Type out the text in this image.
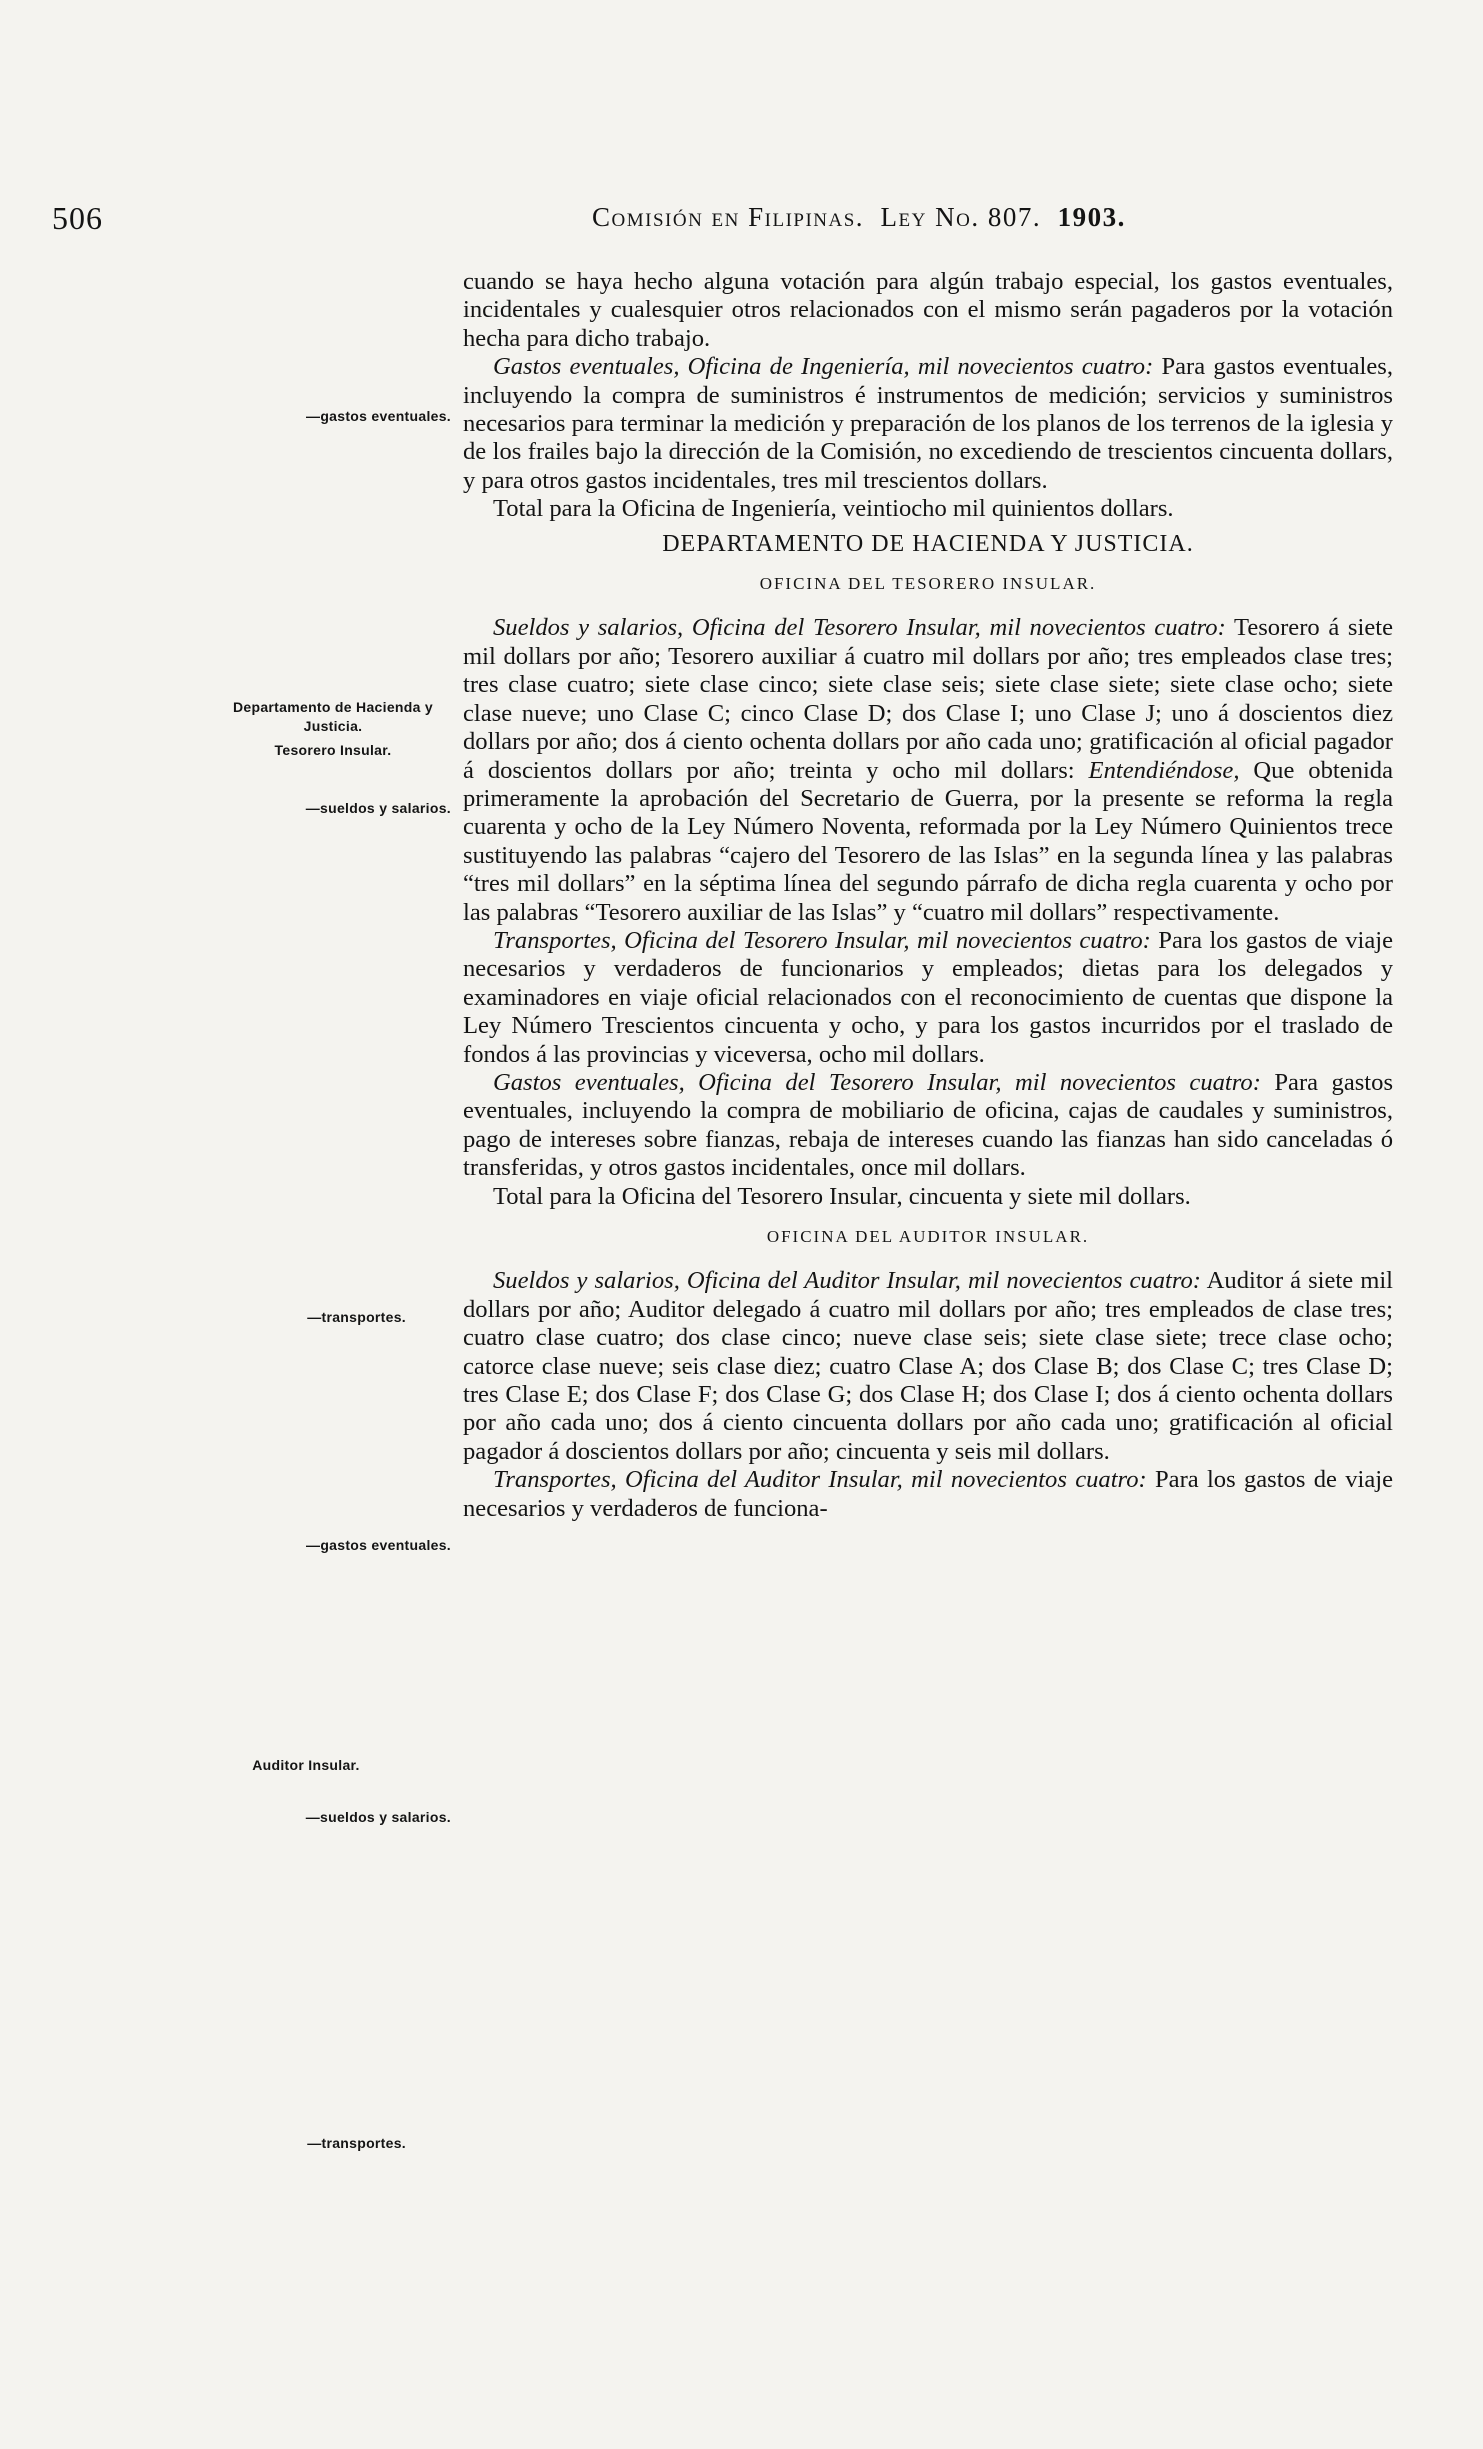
506	Comisión en Filipinas. Ley No. 807. 1903.
—gastos eventuales.
Departamento de Hacienda y Justicia.
Tesorero Insular.
—sueldos y salarios.
—transportes.
—gastos eventuales.
Auditor Insular.
—sueldos y salarios.
—transportes.

cuando se haya hecho alguna votación para algún trabajo especial, los gastos eventuales, incidentales y cualesquier otros relacionados con el mismo serán pagaderos por la votación hecha para dicho trabajo.

Gastos eventuales, Oficina de Ingeniería, mil novecientos cuatro: Para gastos eventuales, incluyendo la compra de suministros é instrumentos de medición; servicios y suministros necesarios para terminar la medición y preparación de los planos de los terrenos de la iglesia y de los frailes bajo la dirección de la Comisión, no excediendo de trescientos cincuenta dollars, y para otros gastos incidentales, tres mil trescientos dollars.

Total para la Oficina de Ingeniería, veintiocho mil quinientos dollars.

DEPARTAMENTO DE HACIENDA Y JUSTICIA.
OFICINA DEL TESORERO INSULAR.

Sueldos y salarios, Oficina del Tesorero Insular, mil novecientos cuatro: Tesorero á siete mil dollars por año; Tesorero auxiliar á cuatro mil dollars por año; tres empleados clase tres; tres clase cuatro; siete clase cinco; siete clase seis; siete clase siete; siete clase ocho; siete clase nueve; uno Clase C; cinco Clase D; dos Clase I; uno Clase J; uno á doscientos diez dollars por año; dos á ciento ochenta dollars por año cada uno; gratificación al oficial pagador á doscientos dollars por año; treinta y ocho mil dollars: Entendiéndose, Que obtenida primeramente la aprobación del Secretario de Guerra, por la presente se reforma la regla cuarenta y ocho de la Ley Número Noventa, reformada por la Ley Número Quinientos trece sustituyendo las palabras “cajero del Tesorero de las Islas” en la segunda línea y las palabras “tres mil dollars” en la séptima línea del segundo párrafo de dicha regla cuarenta y ocho por las palabras “Tesorero auxiliar de las Islas” y “cuatro mil dollars” respectivamente.

Transportes, Oficina del Tesorero Insular, mil novecientos cuatro: Para los gastos de viaje necesarios y verdaderos de funcionarios y empleados; dietas para los delegados y examinadores en viaje oficial relacionados con el reconocimiento de cuentas que dispone la Ley Número Trescientos cincuenta y ocho, y para los gastos incurridos por el traslado de fondos á las provincias y viceversa, ocho mil dollars.

Gastos eventuales, Oficina del Tesorero Insular, mil novecientos cuatro: Para gastos eventuales, incluyendo la compra de mobiliario de oficina, cajas de caudales y suministros, pago de intereses sobre fianzas, rebaja de intereses cuando las fianzas han sido canceladas ó transferidas, y otros gastos incidentales, once mil dollars.

Total para la Oficina del Tesorero Insular, cincuenta y siete mil dollars.

OFICINA DEL AUDITOR INSULAR.

Sueldos y salarios, Oficina del Auditor Insular, mil novecientos cuatro: Auditor á siete mil dollars por año; Auditor delegado á cuatro mil dollars por año; tres empleados de clase tres; cuatro clase cuatro; dos clase cinco; nueve clase seis; siete clase siete; trece clase ocho; catorce clase nueve; seis clase diez; cuatro Clase A; dos Clase B; dos Clase C; tres Clase D; tres Clase E; dos Clase F; dos Clase G; dos Clase H; dos Clase I; dos á ciento ochenta dollars por año cada uno; dos á ciento cincuenta dollars por año cada uno; gratificación al oficial pagador á doscientos dollars por año; cincuenta y seis mil dollars.

Transportes, Oficina del Auditor Insular, mil novecientos cuatro: Para los gastos de viaje necesarios y verdaderos de funciona-
